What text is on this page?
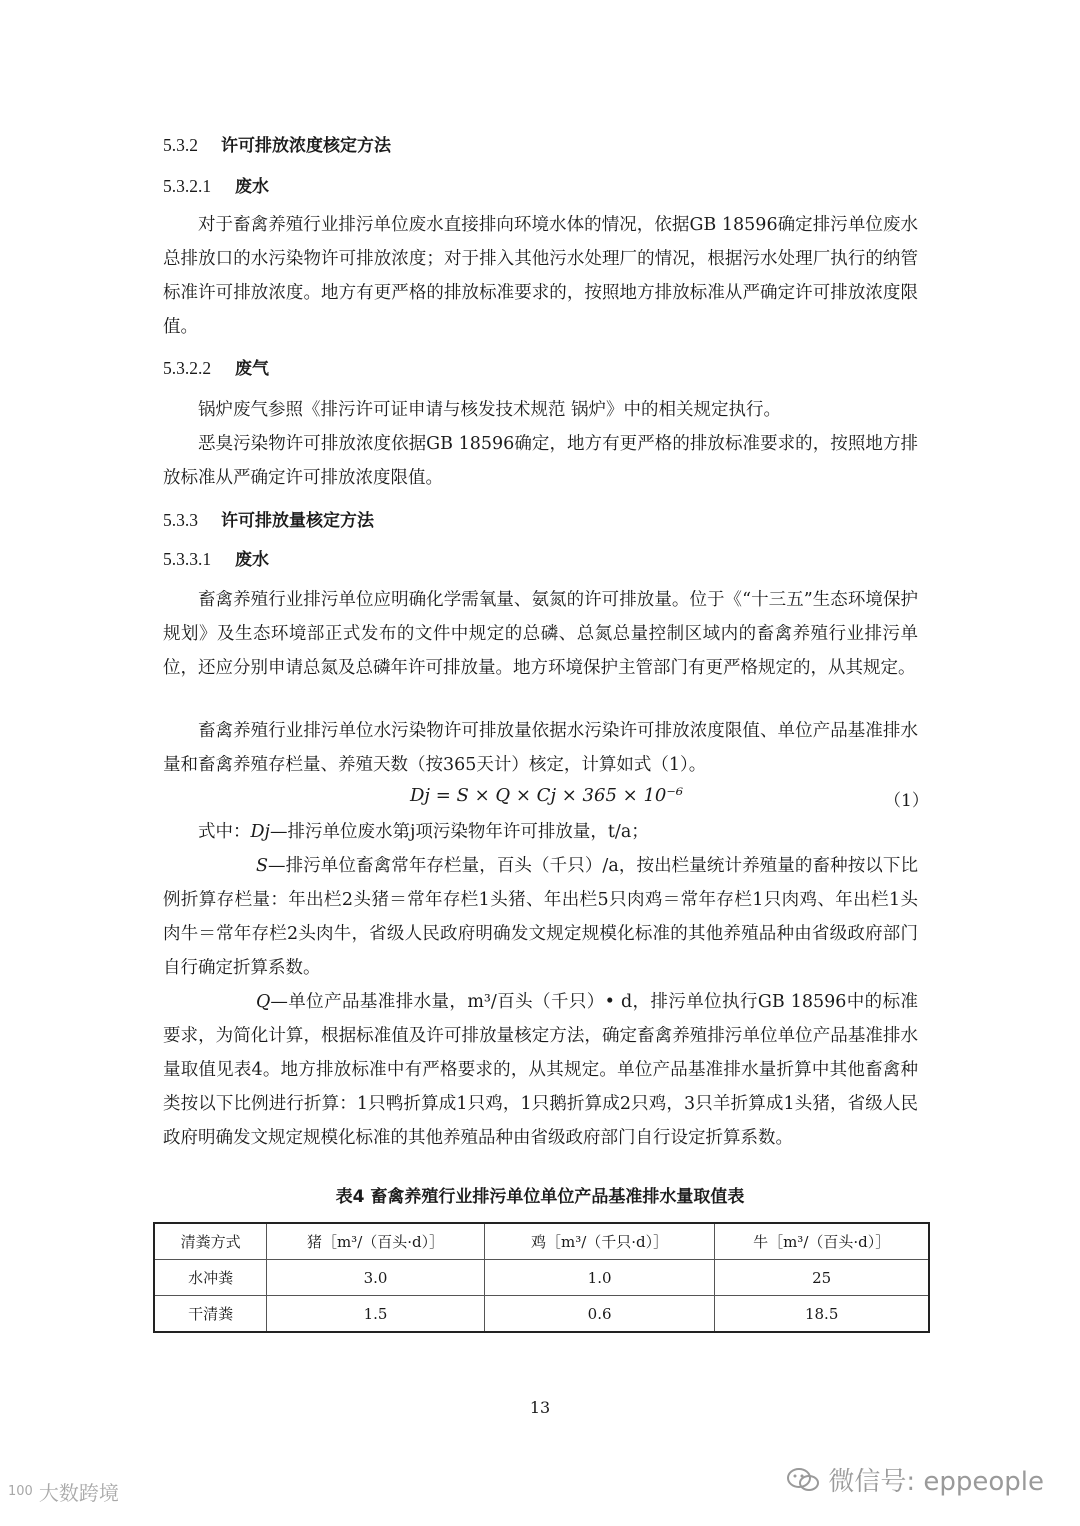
5.3.2 许可排放浓度核定方法
5.3.2.1 废水
对于畜禽养殖行业排污单位废水直接排向环境水体的情况，依据GB 18596确定排污单位废水总排放口的水污染物许可排放浓度；对于排入其他污水处理厂的情况，根据污水处理厂执行的纳管标准许可排放浓度。地方有更严格的排放标准要求的，按照地方排放标准从严确定许可排放浓度限值。
5.3.2.2 废气
锅炉废气参照《排污许可证申请与核发技术规范 锅炉》中的相关规定执行。
恶臭污染物许可排放浓度依据GB 18596确定，地方有更严格的排放标准要求的，按照地方排放标准从严确定许可排放浓度限值。
5.3.3 许可排放量核定方法
5.3.3.1 废水
畜禽养殖行业排污单位应明确化学需氧量、氨氮的许可排放量。位于《“十三五”生态环境保护规划》及生态环境部正式发布的文件中规定的总磷、总氮总量控制区域内的畜禽养殖行业排污单位，还应分别申请总氮及总磷年许可排放量。地方环境保护主管部门有更严格规定的，从其规定。
畜禽养殖行业排污单位水污染物许可排放量依据水污染许可排放浓度限值、单位产品基准排水量和畜禽养殖存栏量、养殖天数（按365天计）核定，计算如式（1）。
Dj = S × Q × Cj × 365 × 10⁻⁶	（1）
式中：Dj—排污单位废水第j项污染物年许可排放量，t/a；
S—排污单位畜禽常年存栏量，百头（千只）/a，按出栏量统计养殖量的畜种按以下比例折算存栏量：年出栏2头猪＝常年存栏1头猪、年出栏5只肉鸡＝常年存栏1只肉鸡、年出栏1头肉牛＝常年存栏2头肉牛，省级人民政府明确发文规定规模化标准的其他养殖品种由省级政府部门自行确定折算系数。
Q—单位产品基准排水量，m³/百头（千只）• d，排污单位执行GB 18596中的标准要求，为简化计算，根据标准值及许可排放量核定方法，确定畜禽养殖排污单位单位产品基准排水量取值见表4。地方排放标准中有严格要求的，从其规定。单位产品基准排水量折算中其他畜禽种类按以下比例进行折算：1只鸭折算成1只鸡，1只鹅折算成2只鸡，3只羊折算成1头猪，省级人民政府明确发文规定规模化标准的其他养殖品种由省级政府部门自行设定折算系数。
表4 畜禽养殖行业排污单位单位产品基准排水量取值表
清粪方式	猪［m³/（百头·d）］	鸡［m³/（千只·d）］	牛［m³/（百头·d）］
水冲粪	3.0	1.0	25
干清粪	1.5	0.6	18.5
13
微信号: eppeople
100 大数跨境
